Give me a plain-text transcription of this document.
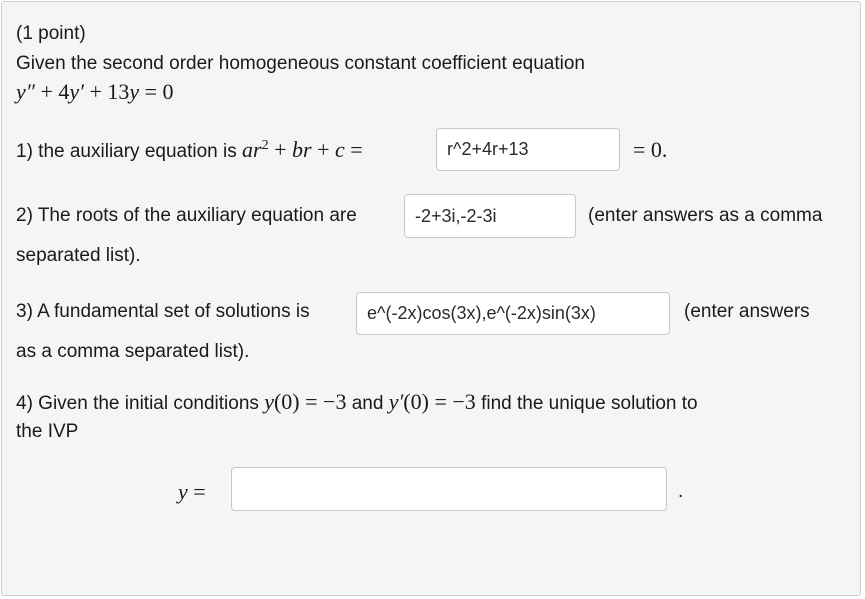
(1 point)
Given the second order homogeneous constant coefficient equation
y″ + 4y′ + 13y = 0
1) the auxiliary equation is $ar^2$ + br + c =	r^2+4r+13	= 0.
2) The roots of the auxiliary equation are	-2+3i,-2-3i	(enter answers as a comma
separated list).
3) A fundamental set of solutions is	e^(-2x)cos(3x),e^(-2x)sin(3x)	(enter answers
as a comma separated list).
4) Given the initial conditions y(0) = −3 and y′(0) = −3 find the unique solution to
the IVP
y =	.
